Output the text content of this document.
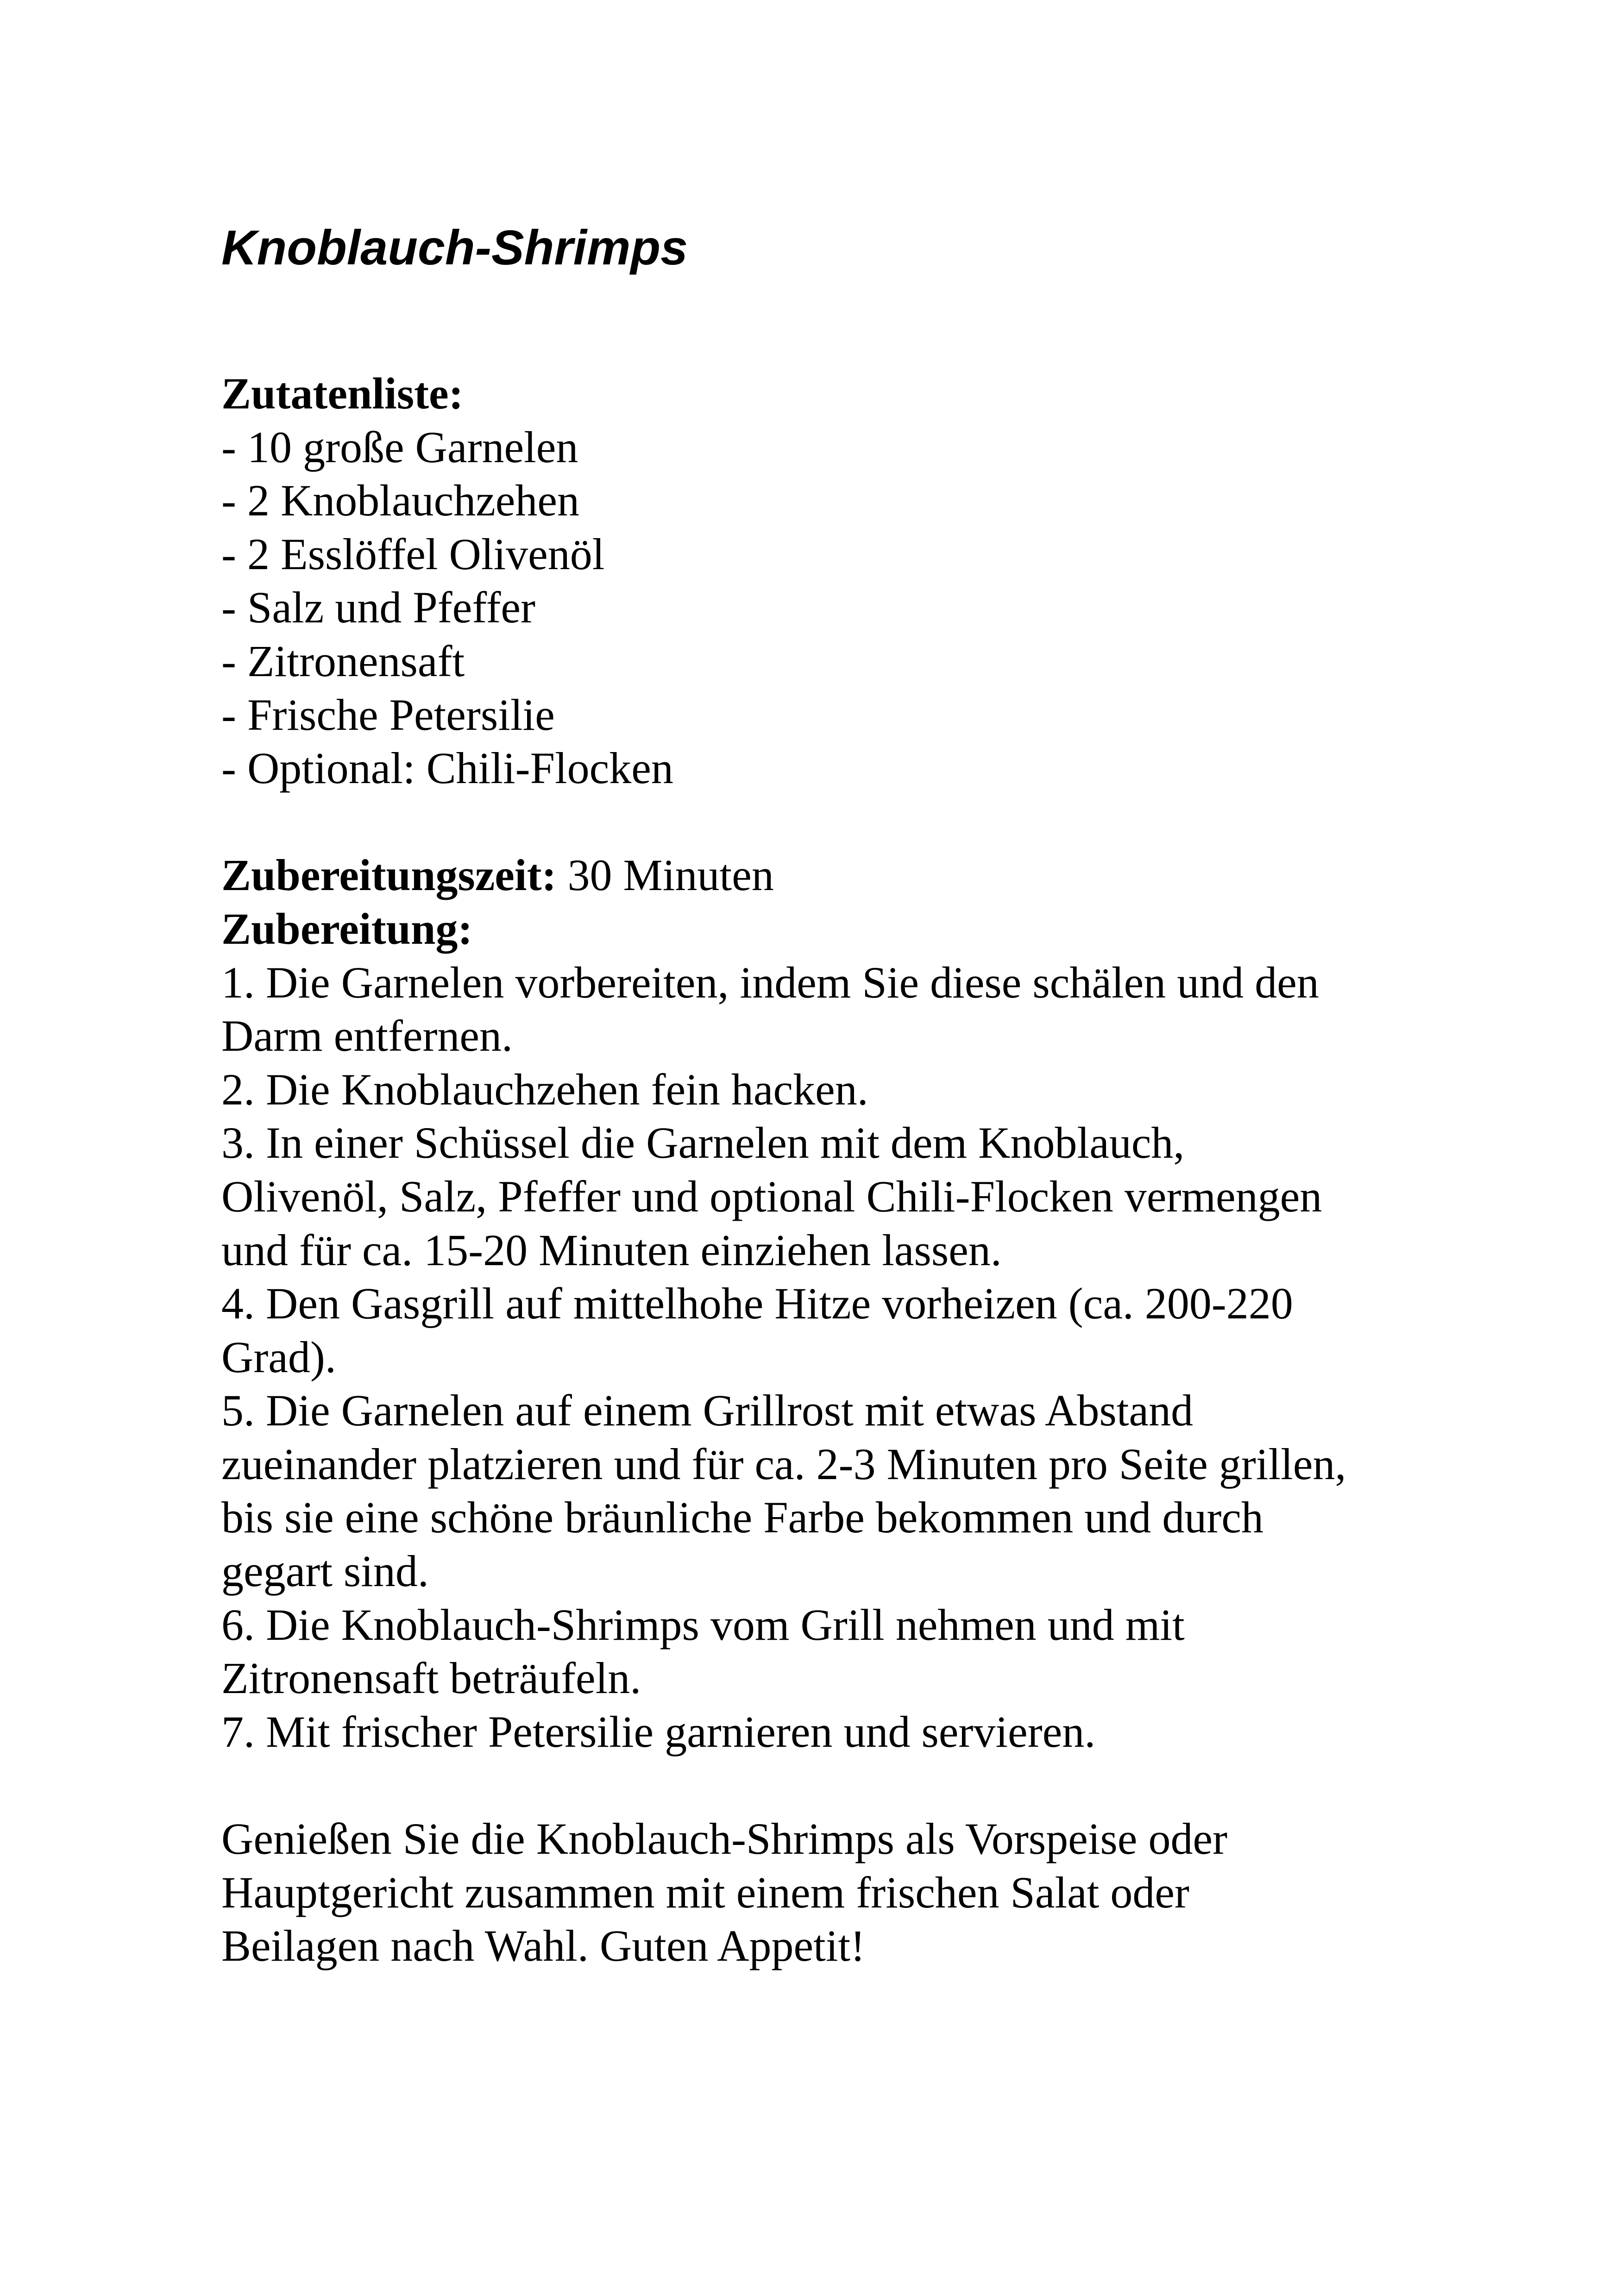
Knoblauch-Shrimps

Zutatenliste:

- 10 große Garnelen

- 2 Knoblauchzehen

- 2 Esslöffel Olivenöl

- Salz und Pfeffer

- Zitronensaft

- Frische Petersilie

- Optional: Chili-Flocken

Zubereitungszeit: 30 Minuten

Zubereitung:

1. Die Garnelen vorbereiten, indem Sie diese schälen und den
Darm entfernen.

2. Die Knoblauchzehen fein hacken.

3. In einer Schüssel die Garnelen mit dem Knoblauch,
Olivenöl, Salz, Pfeffer und optional Chili-Flocken vermengen
und für ca. 15-20 Minuten einziehen lassen.

4. Den Gasgrill auf mittelhohe Hitze vorheizen (ca. 200-220
Grad).

5. Die Garnelen auf einem Grillrost mit etwas Abstand
zueinander platzieren und für ca. 2-3 Minuten pro Seite grillen,
bis sie eine schöne bräunliche Farbe bekommen und durch
gegart sind.

6. Die Knoblauch-Shrimps vom Grill nehmen und mit
Zitronensaft beträufeln.

7. Mit frischer Petersilie garnieren und servieren.

Genießen Sie die Knoblauch-Shrimps als Vorspeise oder
Hauptgericht zusammen mit einem frischen Salat oder
Beilagen nach Wahl. Guten Appetit!
